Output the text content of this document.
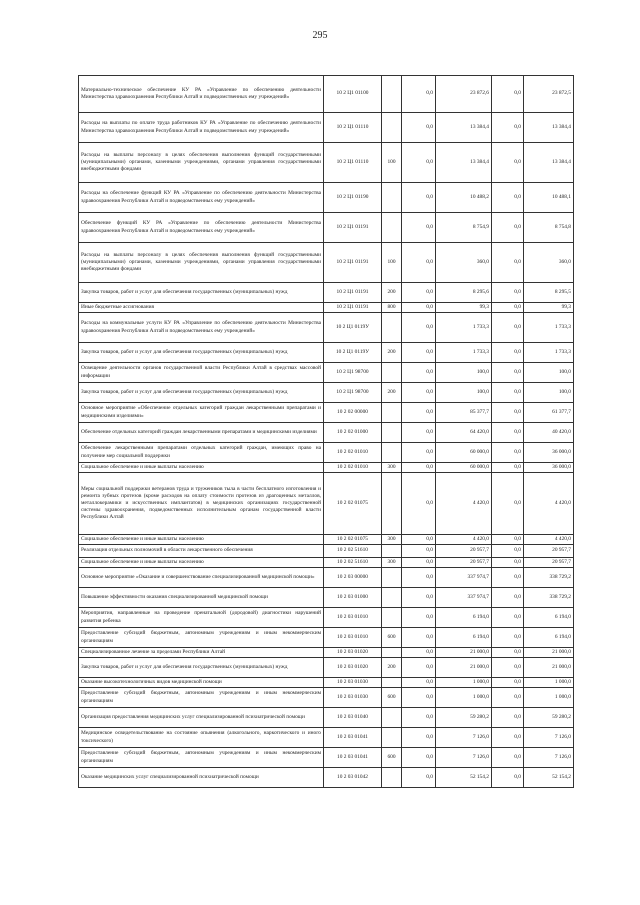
295
Материально-техническое обеспечение КУ РА «Управление по обеспечению деятельности Министерства здравоохранения Республики Алтай и подведомственных ему учреждений»	10 2 Ц1 01100		0,0	23 872,6	0,0	23 872,5
Расходы на выплаты по оплате труда работников КУ РА «Управление по обеспечению деятельности Министерства здравоохранения Республики Алтай и подведомственных ему учреждений»	10 2 Ц1 01110		0,0	13 384,4	0,0	13 384,4
Расходы на выплаты персоналу в целях обеспечения выполнения функций государственными (муниципальными) органами, казенными учреждениями, органами управления государственными внебюджетными фондами	10 2 Ц1 01110	100	0,0	13 384,4	0,0	13 384,4
Расходы на обеспечение функций КУ РА «Управление по обеспечению деятельности Министерства здравоохранения Республики Алтай и подведомственных ему учреждений»	10 2 Ц1 01190		0,0	10 488,2	0,0	10 488,1
Обеспечение функций КУ РА «Управление по обеспечению деятельности Министерства здравоохранения Республики Алтай и подведомственных ему учреждений»	10 2 Ц1 01191		0,0	8 754,9	0,0	8 754,8
Расходы на выплаты персоналу в целях обеспечения выполнения функций государственными (муниципальными) органами, казенными учреждениями, органами управления государственными внебюджетными фондами	10 2 Ц1 01191	100	0,0	360,0	0,0	360,0
Закупка товаров, работ и услуг для обеспечения государственных (муниципальных) нужд	10 2 Ц1 01191	200	0,0	8 295,6	0,0	8 295,5
Иные бюджетные ассигнования	10 2 Ц1 01191	800	0,0	99,3	0,0	99,3
Расходы на коммунальные услуги КУ РА «Управление по обеспечению деятельности Министерства здравоохранения Республики Алтай и подведомственных ему учреждений»	10 2 Ц1 0119У		0,0	1 733,3	0,0	1 733,3
Закупка товаров, работ и услуг для обеспечения государственных (муниципальных) нужд	10 2 Ц1 0119У	200	0,0	1 733,3	0,0	1 733,3
Освещение деятельности органов государственной власти Республики Алтай в средствах массовой информации	10 2 Ц1 98700		0,0	100,0	0,0	100,0
Закупка товаров, работ и услуг для обеспечения государственных (муниципальных) нужд	10 2 Ц1 98700	200	0,0	100,0	0,0	100,0
Основное мероприятие «Обеспечение отдельных категорий граждан лекарственными препаратами и медицинскими изделиями»	10 2 02 00000		0,0	85 377,7	0,0	61 377,7
Обеспечение отдельных категорий граждан лекарственными препаратами и медицинскими изделиями	10 2 02 01000		0,0	64 420,0	0,0	40 420,0
Обеспечение лекарственными препаратами отдельных категорий граждан, имеющих право на получение мер социальной поддержки	10 2 02 01010		0,0	60 000,0	0,0	36 000,0
Социальное обеспечение и иные выплаты населению	10 2 02 01010	300	0,0	60 000,0	0,0	36 000,0
Меры социальной поддержки ветеранов труда и тружеников тыла в части бесплатного изготовления и ремонта зубных протезов (кроме расходов на оплату стоимости протезов из драгоценных металлов, металлокерамики и искусственных имплантатов) в медицинских организациях государственной системы здравоохранения, подведомственных исполнительным органам государственной власти Республики Алтай	10 2 02 01075		0,0	4 420,0	0,0	4 420,0
Социальное обеспечение и иные выплаты населению	10 2 02 01075	300	0,0	4 420,0	0,0	4 420,0
Реализация отдельных полномочий в области лекарственного обеспечения	10 2 02 51610		0,0	20 957,7	0,0	20 957,7
Социальное обеспечение и иные выплаты населению	10 2 02 51610	300	0,0	20 957,7	0,0	20 957,7
Основное мероприятие «Оказание и совершенствование специализированной медицинской помощи»	10 2 03 00000		0,0	337 974,7	0,0	338 729,2
Повышение эффективности оказания специализированной медицинской помощи	10 2 03 01000		0,0	337 974,7	0,0	338 729,2
Мероприятия, направленные на проведение пренатальной (дородовой) диагностики нарушений развития ребенка	10 2 03 01010		0,0	6 194,0	0,0	6 194,0
Предоставление субсидий бюджетным, автономным учреждениям и иным некоммерческим организациям	10 2 03 01010	600	0,0	6 194,0	0,0	6 194,0
Специализированное лечение за пределами Республики Алтай	10 2 03 01020		0,0	21 000,0	0,0	21 000,0
Закупка товаров, работ и услуг для обеспечения государственных (муниципальных) нужд	10 2 03 01020	200	0,0	21 000,0	0,0	21 000,0
Оказание высокотехнологичных видов медицинской помощи	10 2 03 01030		0,0	1 000,0	0,0	1 000,0
Предоставление субсидий бюджетным, автономным учреждениям и иным некоммерческим организациям	10 2 03 01030	600	0,0	1 000,0	0,0	1 000,0
Организация предоставления медицинских услуг специализированной психиатрической помощи	10 2 03 01040		0,0	59 280,2	0,0	59 280,2
Медицинское освидетельствование на состояние опьянения (алкогольного, наркотического и иного токсического)	10 2 03 01041		0,0	7 126,0	0,0	7 126,0
Предоставление субсидий бюджетным, автономным учреждениям и иным некоммерческим организациям	10 2 03 01041	600	0,0	7 126,0	0,0	7 126,0
Оказание медицинских услуг специализированной психиатрической помощи	10 2 03 01042		0,0	52 154,2	0,0	52 154,2
